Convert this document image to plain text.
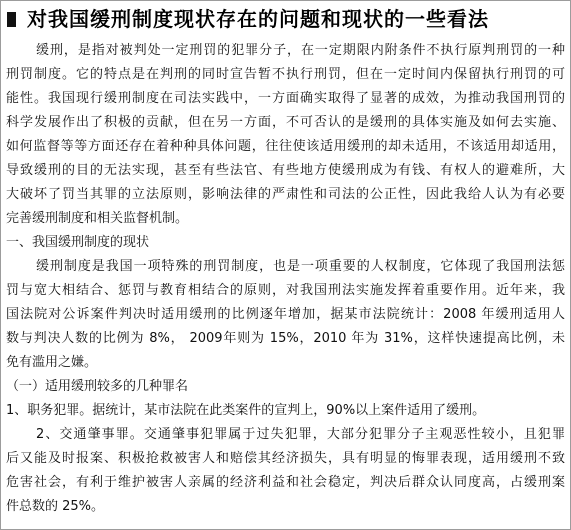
对我国缓刑制度现状存在的问题和现状的一些看法
缓刑，是指对被判处一定刑罚的犯罪分子，在一定期限内附条件不执行原判刑罚的一种
刑罚制度。它的特点是在判刑的同时宣告暂不执行刑罚，但在一定时间内保留执行刑罚的可
能性。我国现行缓刑制度在司法实践中，一方面确实取得了显著的成效，为推动我国刑罚的
科学发展作出了积极的贡献，但在另一方面，不可否认的是缓刑的具体实施及如何去实施、
如何监督等等方面还存在着种种具体问题，往往使该适用缓刑的却未适用，不该适用却适用，
导致缓刑的目的无法实现，甚至有些法官、有些地方使缓刑成为有钱、有权人的避难所，大
大破坏了罚当其罪的立法原则，影响法律的严肃性和司法的公正性，因此我给人认为有必要
完善缓刑制度和相关监督机制。
一、我国缓刑制度的现状
缓刑制度是我国一项特殊的刑罚制度，也是一项重要的人权制度，它体现了我国刑法惩
罚与宽大相结合、惩罚与教育相结合的原则，对我国刑法实施发挥着重要作用。近年来，我
国法院对公诉案件判决时适用缓刑的比例逐年增加，据某市法院统计：2008 年缓刑适用人
数与判决人数的比例为 8%， 2009年则为 15%，2010 年为 31%，这样快速提高比例，未
免有滥用之嫌。
（一）适用缓刑较多的几种罪名
1、职务犯罪。据统计，某市法院在此类案件的宣判上，90%以上案件适用了缓刑。
2、交通肇事罪。交通肇事犯罪属于过失犯罪，大部分犯罪分子主观恶性较小，且犯罪
后又能及时报案、积极抢救被害人和赔偿其经济损失，具有明显的悔罪表现，适用缓刑不致
危害社会，有利于维护被害人亲属的经济利益和社会稳定，判决后群众认同度高，占缓刑案
件总数的 25%。
